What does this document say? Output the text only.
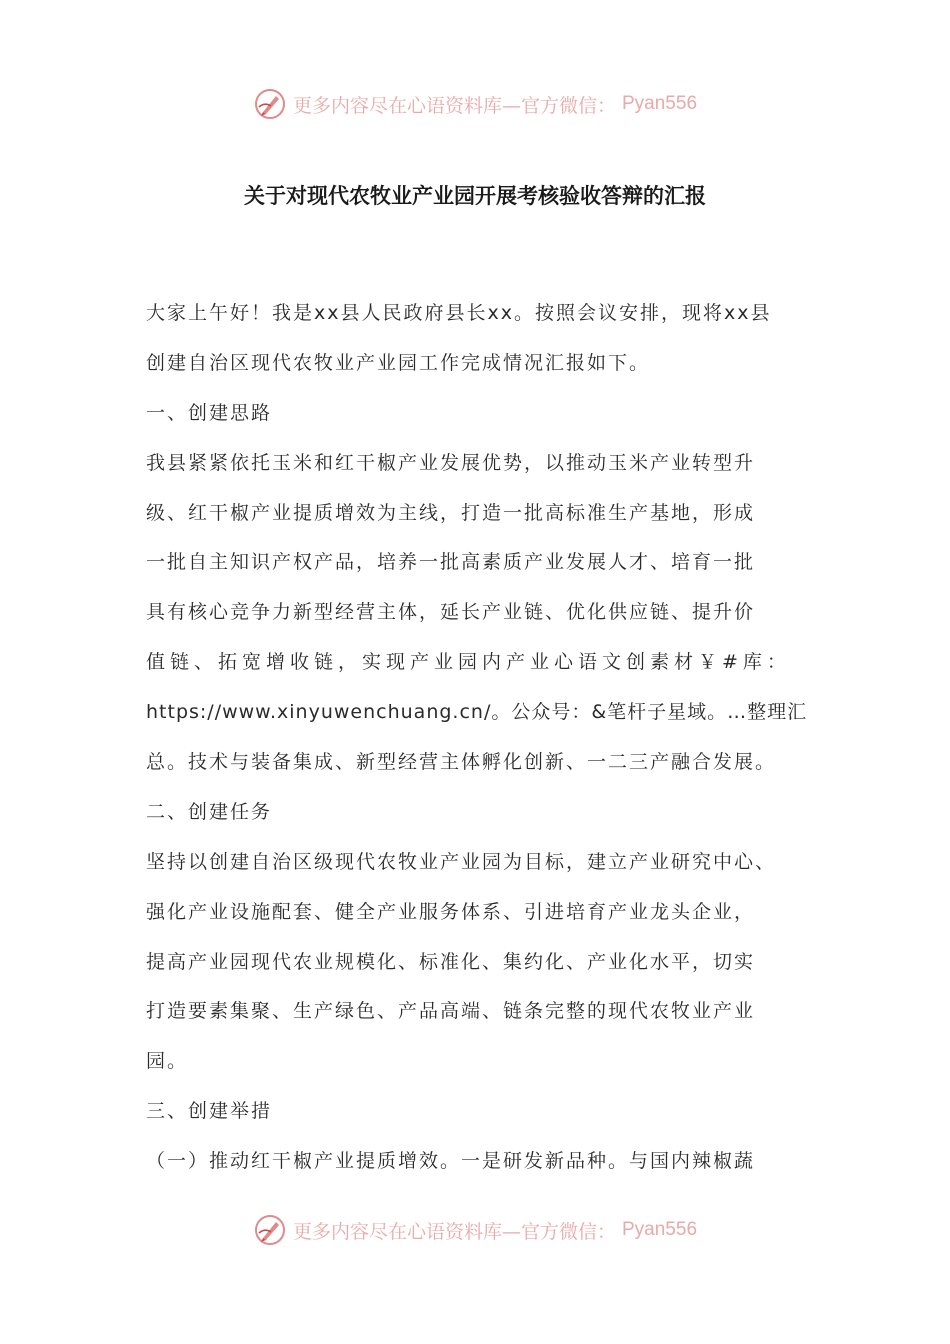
更多内容尽在心语资料库—官方微信： Pyan556
关于对现代农牧业产业园开展考核验收答辩的汇报
大家上午好！我是xx县人民政府县长xx。按照会议安排，现将xx县
创建自治区现代农牧业产业园工作完成情况汇报如下。
一、创建思路
我县紧紧依托玉米和红干椒产业发展优势，以推动玉米产业转型升
级、红干椒产业提质增效为主线，打造一批高标准生产基地，形成
一批自主知识产权产品，培养一批高素质产业发展人才、培育一批
具有核心竞争力新型经营主体，延长产业链、优化供应链、提升价
值链、拓宽增收链，实现产业园内产业心语文创素材￥#库：
https://www.xinyuwenchuang.cn/。公众号：&笔杆子星域。…整理汇
总。技术与装备集成、新型经营主体孵化创新、一二三产融合发展。
二、创建任务
坚持以创建自治区级现代农牧业产业园为目标，建立产业研究中心、
强化产业设施配套、健全产业服务体系、引进培育产业龙头企业，
提高产业园现代农业规模化、标准化、集约化、产业化水平，切实
打造要素集聚、生产绿色、产品高端、链条完整的现代农牧业产业
园。
三、创建举措
（一）推动红干椒产业提质增效。一是研发新品种。与国内辣椒蔬
更多内容尽在心语资料库—官方微信： Pyan556
